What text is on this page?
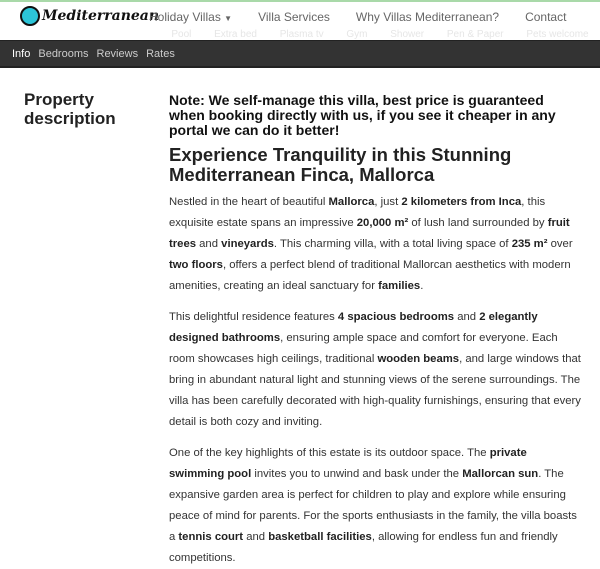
Pool Extra bed Plasma tv Gym Shower Pen & Paper Pets welcome
Mediterranean
Holiday Villas ▼ Villa Services Why Villas Mediterranean? Contact
Info Bedrooms Reviews Rates
Property description
Note: We self-manage this villa, best price is guaranteed when booking directly with us, if you see it cheaper in any portal we can do it better!
Experience Tranquility in this Stunning Mediterranean Finca, Mallorca

Nestled in the heart of beautiful Mallorca, just 2 kilometers from Inca, this exquisite estate spans an impressive 20,000 m² of lush land surrounded by fruit trees and vineyards. This charming villa, with a total living space of 235 m² over two floors, offers a perfect blend of traditional Mallorcan aesthetics with modern amenities, creating an ideal sanctuary for families.

This delightful residence features 4 spacious bedrooms and 2 elegantly designed bathrooms, ensuring ample space and comfort for everyone. Each room showcases high ceilings, traditional wooden beams, and large windows that bring in abundant natural light and stunning views of the serene surroundings. The villa has been carefully decorated with high-quality furnishings, ensuring that every detail is both cozy and inviting.

One of the key highlights of this estate is its outdoor space. The private swimming pool invites you to unwind and bask under the Mallorcan sun. The expansive garden area is perfect for children to play and explore while ensuring peace of mind for parents. For the sports enthusiasts in the family, the villa boasts a tennis court and basketball facilities, allowing for endless fun and friendly competitions.
